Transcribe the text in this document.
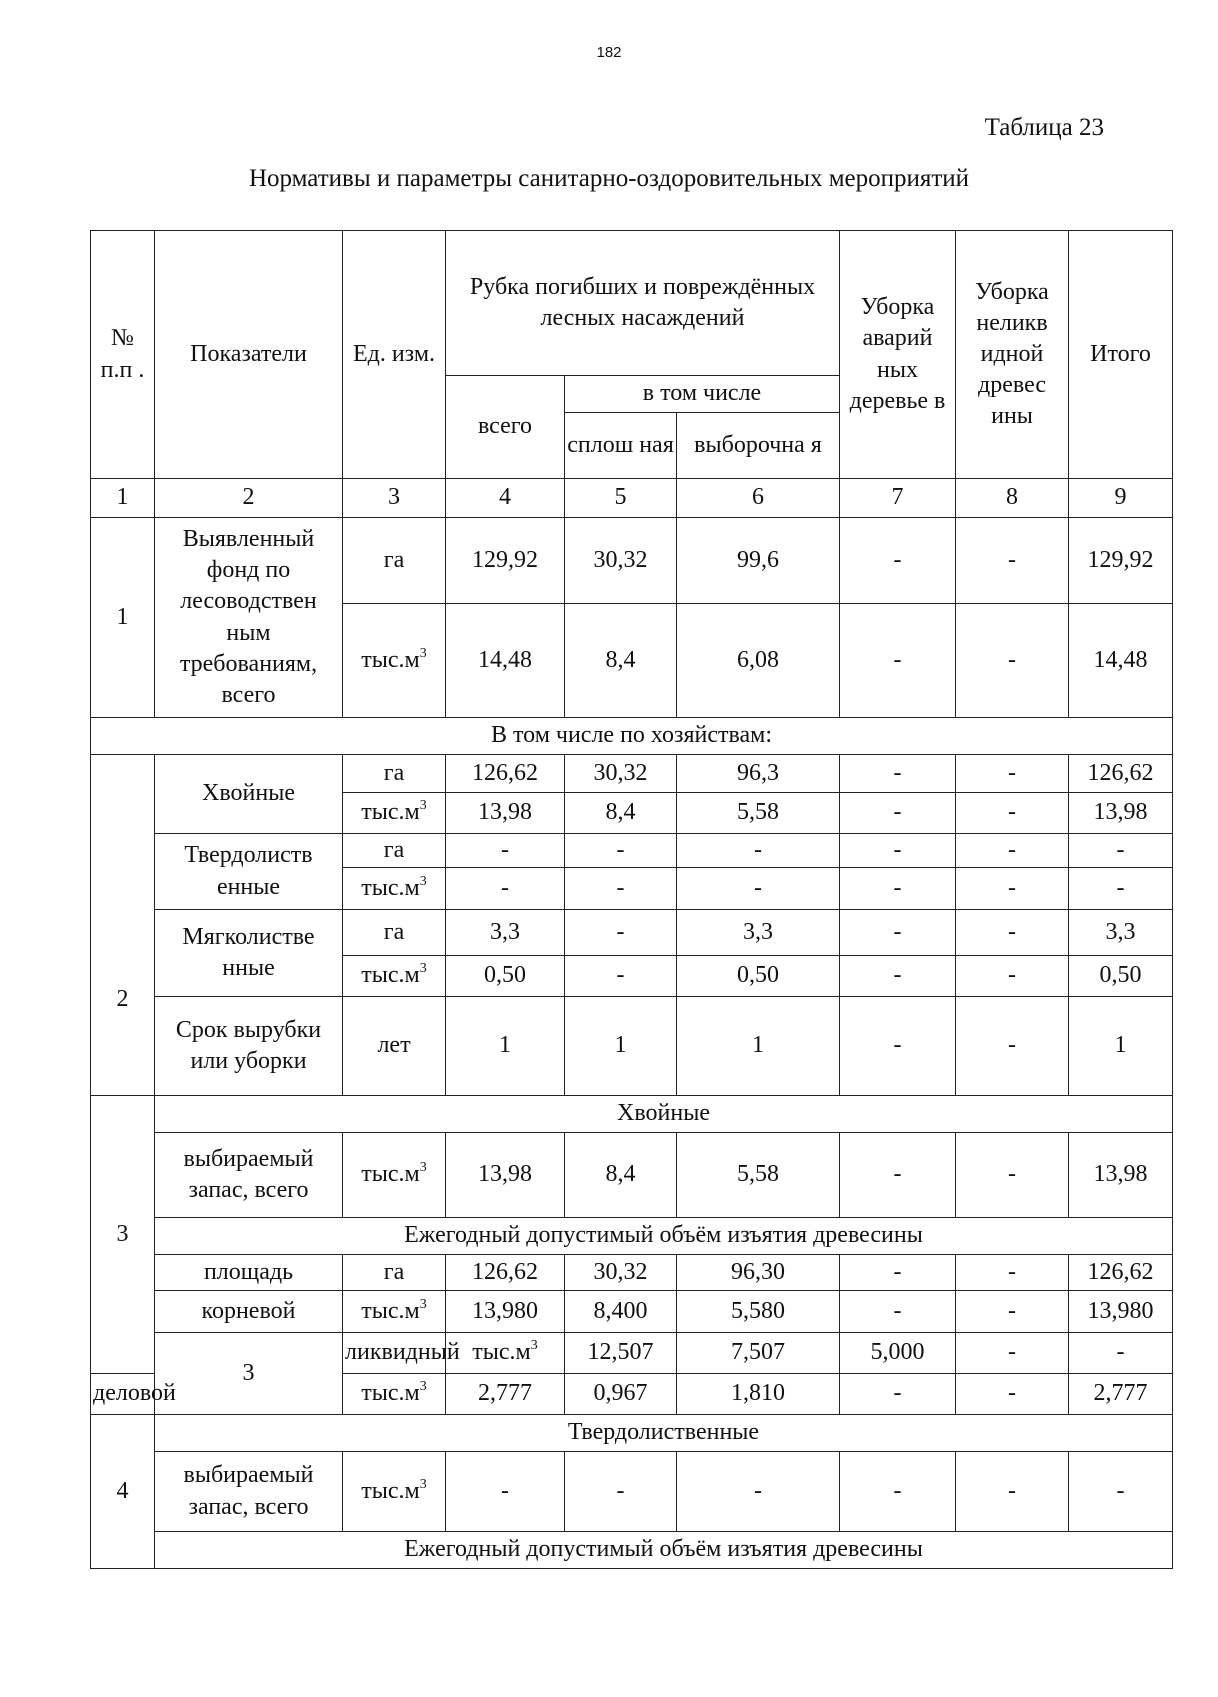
182
Таблица 23
Нормативы и параметры санитарно-оздоровительных мероприятий
№ п.п .	Показатели	Ед. изм.	Рубка погибших и повреждённых лесных насаждений			Уборка аварий ных деревье в	Уборка неликв идной древес ины	Итого	
			всего	в том числе					
				сплош ная	выборочна я				
1	2	3	4	5	6	7	8	9	
1	Выявленный фонд по лесоводствен ным требованиям, всего	га	129,92	30,32	99,6	-	-	129,92	
		$тыс.м^3$	14,48	8,4	6,08	-	-	14,48	
В том числе по хозяйствам:									
2	Хвойные	га	126,62	30,32	96,3	-	-	126,62	
		$тыс.м^3$	13,98	8,4	5,58	-	-	13,98	
	Твердолиств енные	га	-	-	-	-	-	-	
		$тыс.м^3$	-	-	-	-	-	-	
	Мягколистве нные	га	3,3	-	3,3	-	-	3,3	
		$тыс.м^3$	0,50	-	0,50	-	-	0,50	
	Срок вырубки или уборки	лет	1	1	1	-	-	1	
3	Хвойные								
	выбираемый запас, всего	$тыс.м^3$	13,98	8,4	5,58	-	-	13,98	
	Ежегодный допустимый объём изъятия древесины								
	площадь	га	126,62	30,32	96,30	-	-	126,62	
	корневой	$тыс.м^3$	13,980	8,400	5,580	-	-	13,980	
	3	ликвидный	$тыс.м^3$	12,507	7,507	5,000	-	-	
деловой		$тыс.м^3$	2,777	0,967	1,810	-	-	2,777	
4	Твердолиственные								
	выбираемый запас, всего	$тыс.м^3$	-	-	-	-	-	-	
	Ежегодный допустимый объём изъятия древесины								
